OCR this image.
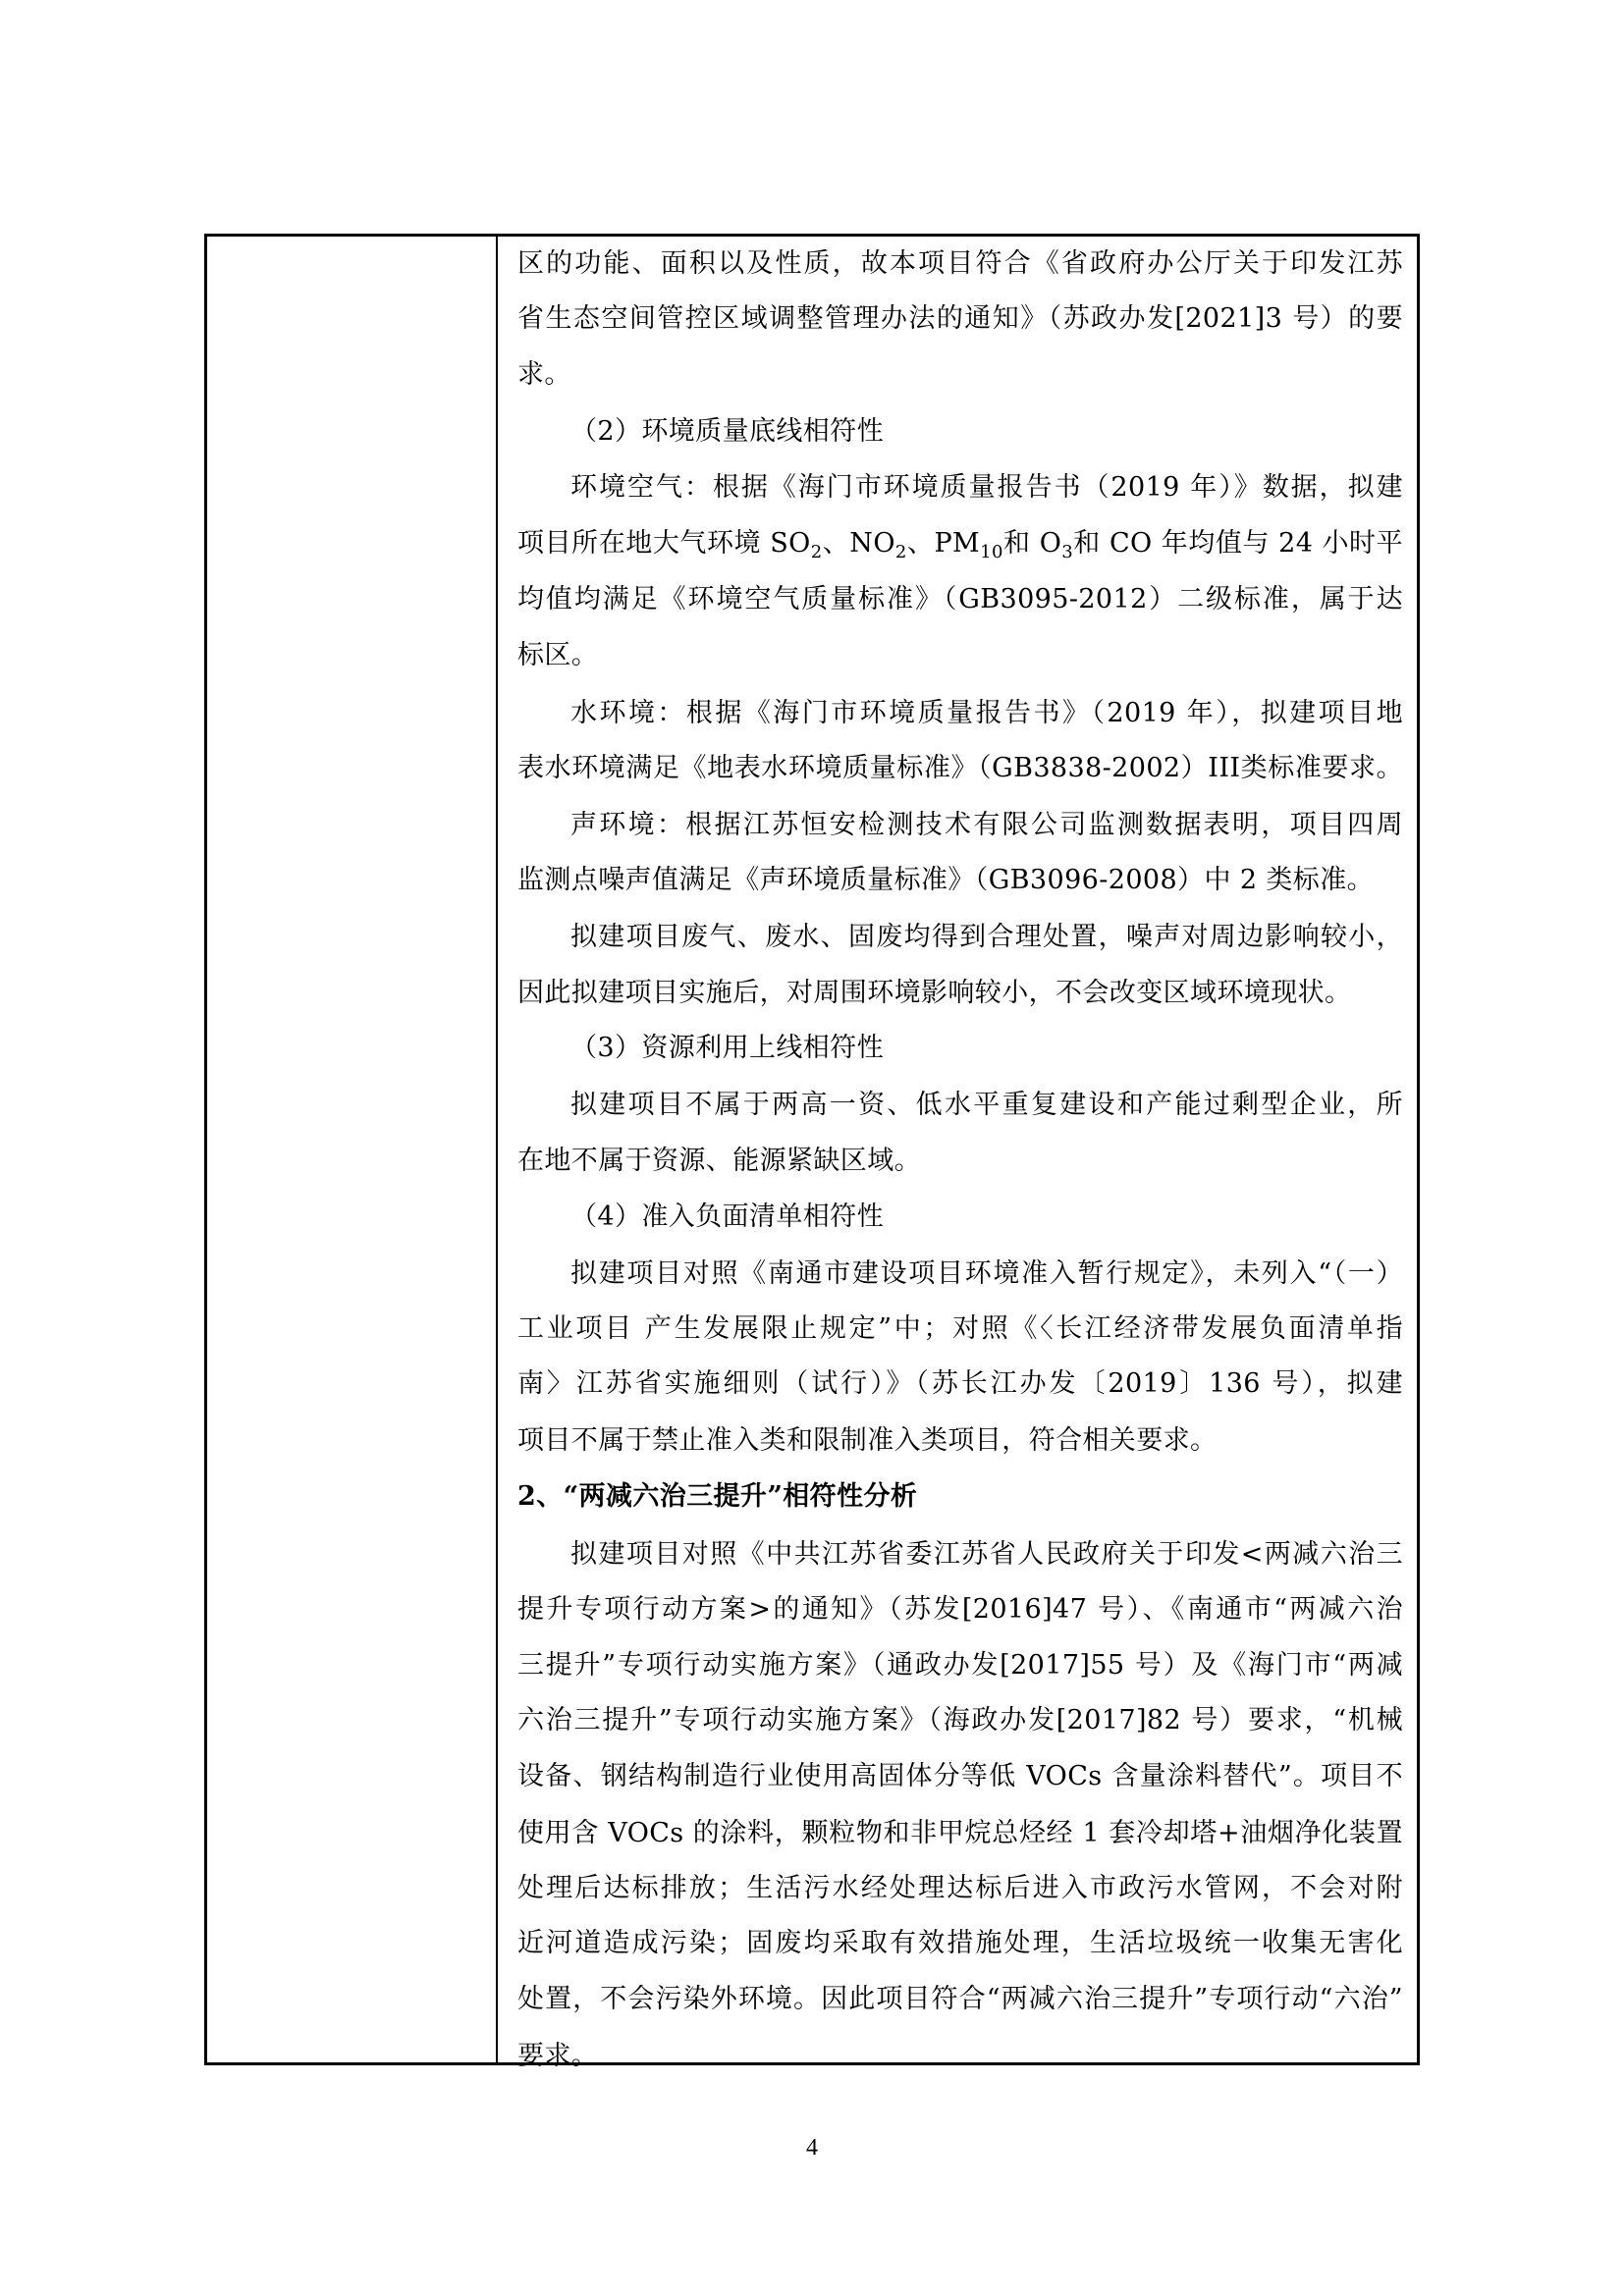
区的功能、面积以及性质，故本项目符合《省政府办公厅关于印发江苏
省生态空间管控区域调整管理办法的通知》（苏政办发[2021]3 号）的要
求。
（2）环境质量底线相符性
环境空气：根据《海门市环境质量报告书（2019 年）》数据，拟建
项目所在地大气环境 $SO_2$、$NO_2$、$PM_{10}$和 $O_3$和 CO 年均值与 24 小时平
均值均满足《环境空气质量标准》（GB3095-2012）二级标准，属于达
标区。
水环境：根据《海门市环境质量报告书》（2019 年），拟建项目地
表水环境满足《地表水环境质量标准》（GB3838-2002）III类标准要求。
声环境：根据江苏恒安检测技术有限公司监测数据表明，项目四周
监测点噪声值满足《声环境质量标准》（GB3096-2008）中 2 类标准。
拟建项目废气、废水、固废均得到合理处置，噪声对周边影响较小，
因此拟建项目实施后，对周围环境影响较小，不会改变区域环境现状。
（3）资源利用上线相符性
拟建项目不属于两高一资、低水平重复建设和产能过剩型企业，所
在地不属于资源、能源紧缺区域。
（4）准入负面清单相符性
拟建项目对照《南通市建设项目环境准入暂行规定》，未列入“（一）
工业项目 产生发展限止规定”中；对照《〈长江经济带发展负面清单指
南〉江苏省实施细则（试行）》（苏长江办发〔2019〕136 号），拟建
项目不属于禁止准入类和限制准入类项目，符合相关要求。
2、“两减六治三提升”相符性分析
拟建项目对照《中共江苏省委江苏省人民政府关于印发<两减六治三
提升专项行动方案>的通知》（苏发[2016]47 号）、《南通市“两减六治
三提升”专项行动实施方案》（通政办发[2017]55 号）及《海门市“两减
六治三提升”专项行动实施方案》（海政办发[2017]82 号）要求，“机械
设备、钢结构制造行业使用高固体分等低 VOCs 含量涂料替代”。项目不
使用含 VOCs 的涂料，颗粒物和非甲烷总烃经 1 套冷却塔+油烟净化装置
处理后达标排放；生活污水经处理达标后进入市政污水管网，不会对附
近河道造成污染；固废均采取有效措施处理，生活垃圾统一收集无害化
处置，不会污染外环境。因此项目符合“两减六治三提升”专项行动“六治”
要求。
4
